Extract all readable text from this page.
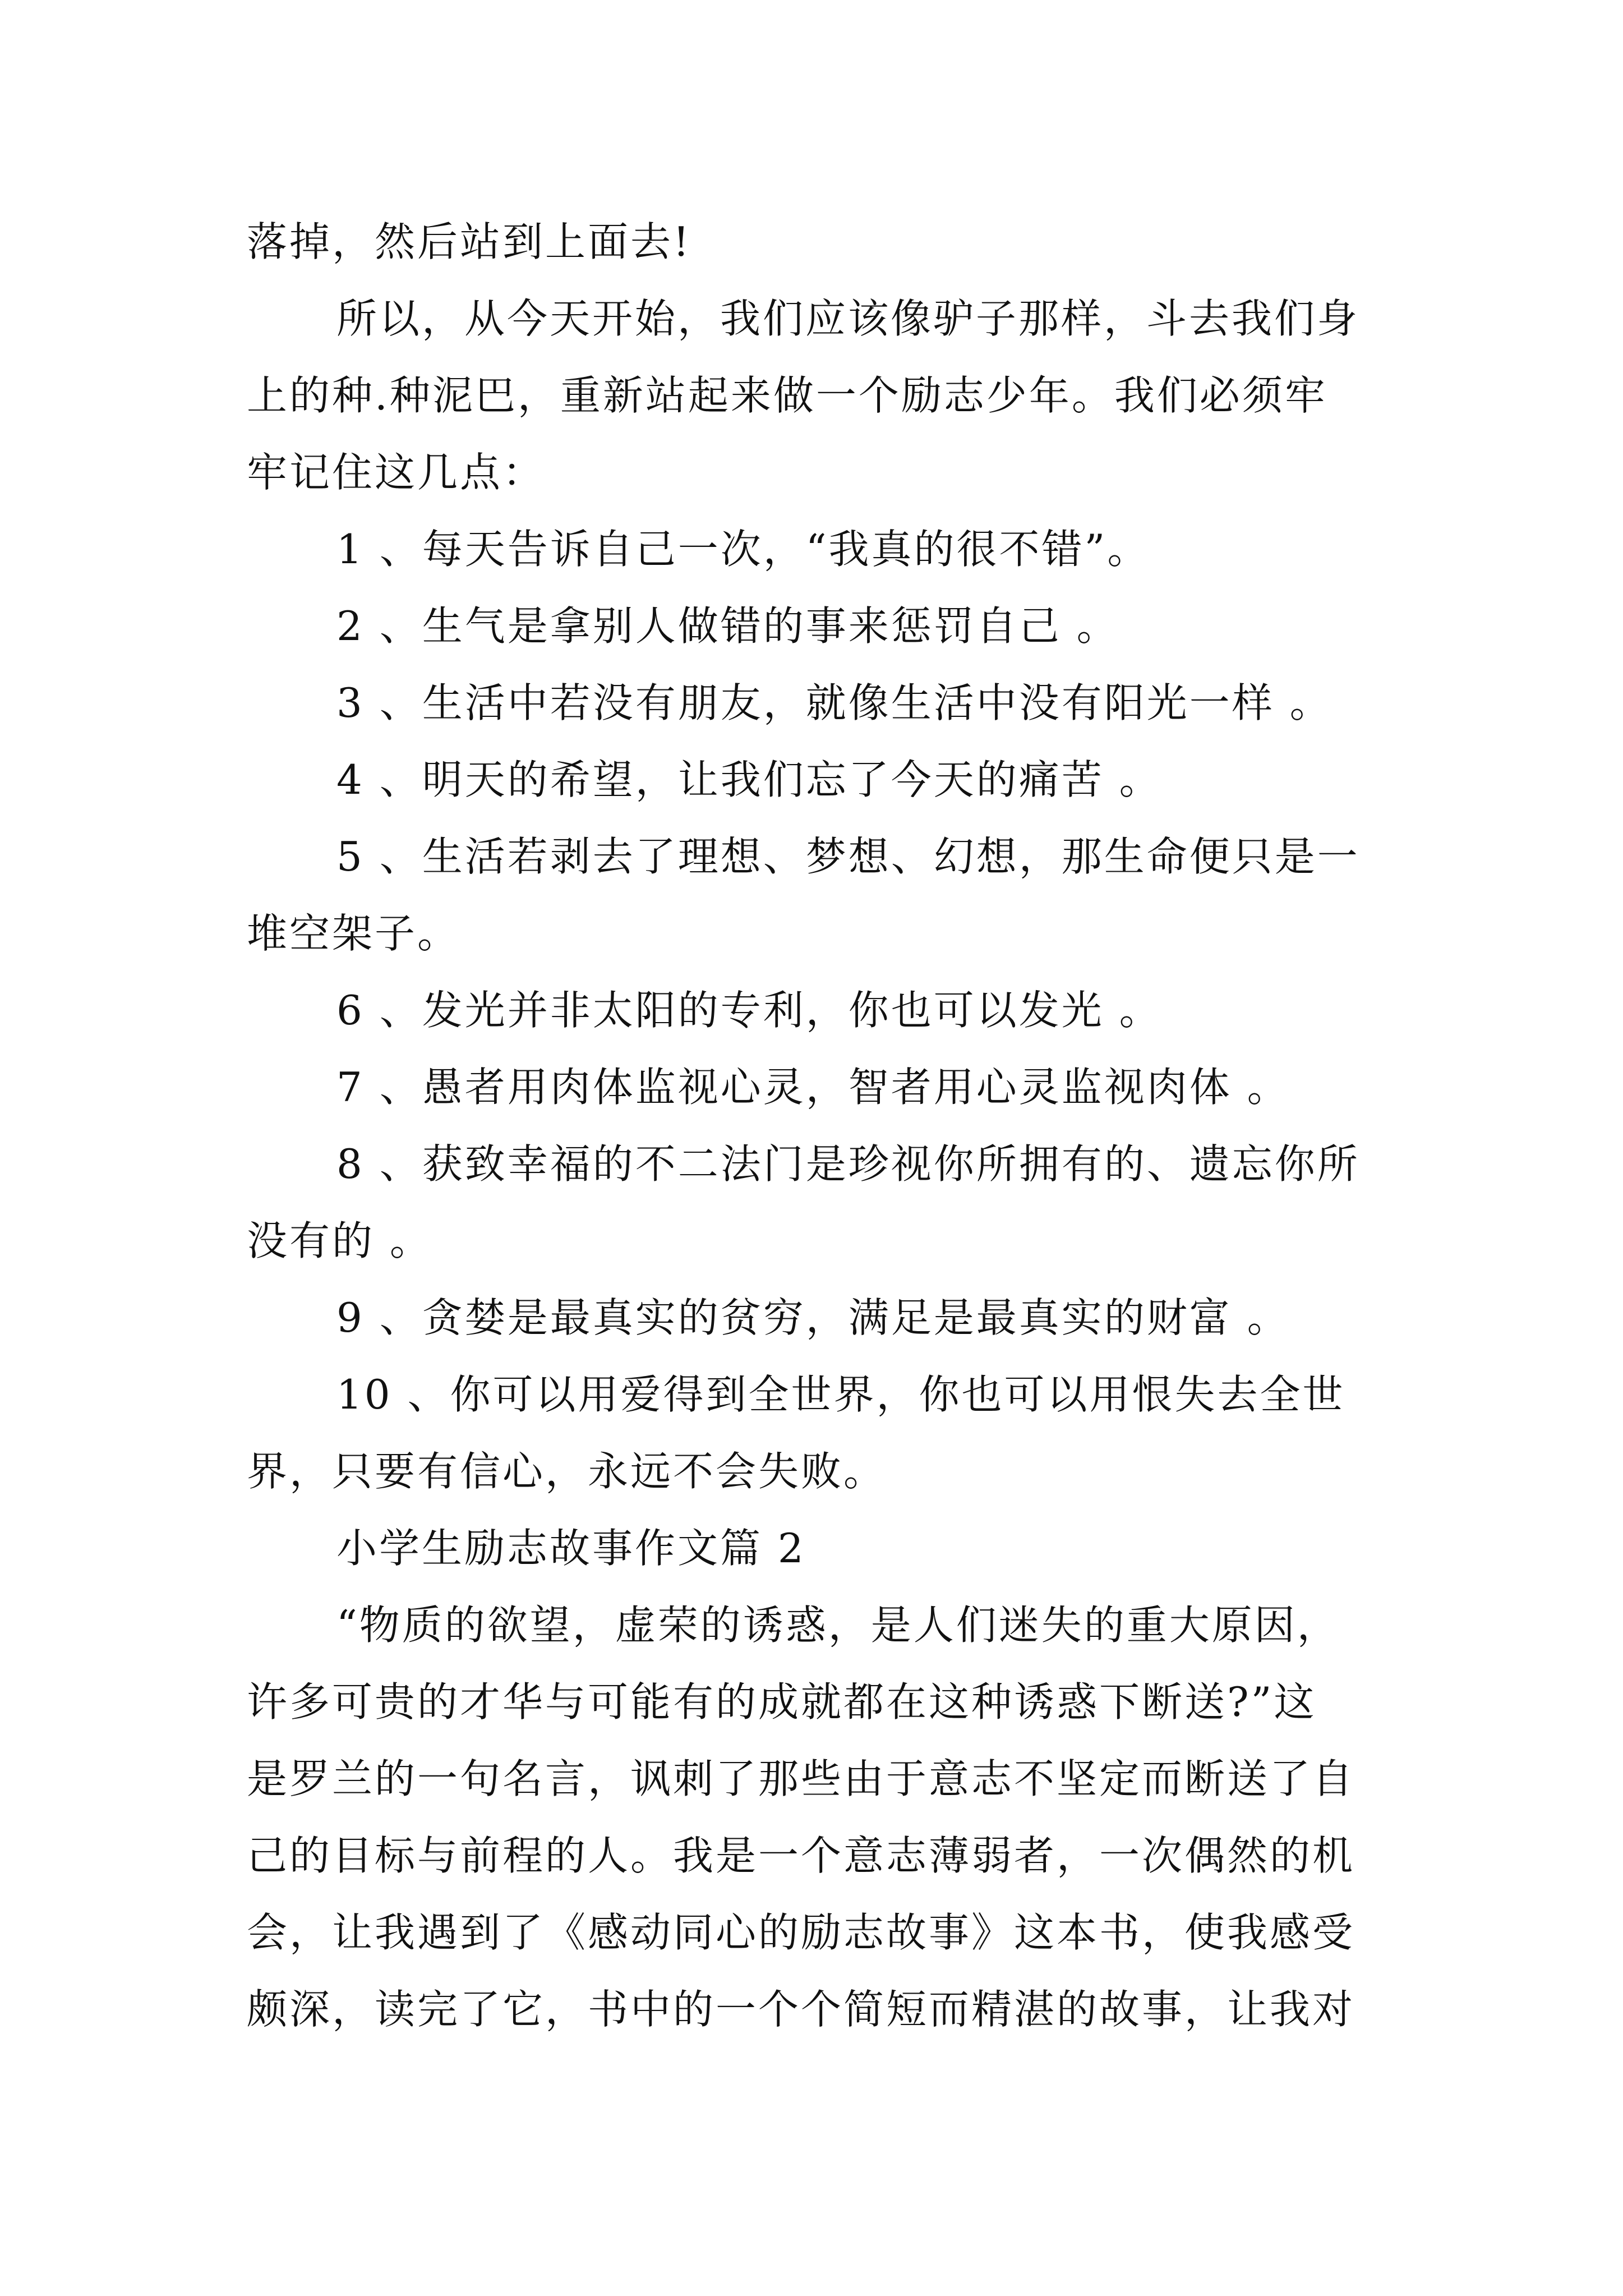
落掉，然后站到上面去!
所以，从今天开始，我们应该像驴子那样，斗去我们身
上的种.种泥巴，重新站起来做一个励志少年。我们必须牢
牢记住这几点：
1 、每天告诉自己一次，“我真的很不错”。
2 、生气是拿别人做错的事来惩罚自己 。
3 、生活中若没有朋友，就像生活中没有阳光一样 。
4 、明天的希望，让我们忘了今天的痛苦 。
5 、生活若剥去了理想、梦想、幻想，那生命便只是一
堆空架子。
6 、发光并非太阳的专利，你也可以发光 。
7 、愚者用肉体监视心灵，智者用心灵监视肉体 。
8 、获致幸福的不二法门是珍视你所拥有的、遗忘你所
没有的 。
9 、贪婪是最真实的贫穷，满足是最真实的财富 。
10 、你可以用爱得到全世界，你也可以用恨失去全世
界，只要有信心，永远不会失败。
小学生励志故事作文篇 2
“物质的欲望，虚荣的诱惑，是人们迷失的重大原因，
许多可贵的才华与可能有的成就都在这种诱惑下断送?”这
是罗兰的一句名言，讽刺了那些由于意志不坚定而断送了自
己的目标与前程的人。我是一个意志薄弱者，一次偶然的机
会，让我遇到了《感动同心的励志故事》这本书，使我感受
颇深，读完了它，书中的一个个简短而精湛的故事，让我对
